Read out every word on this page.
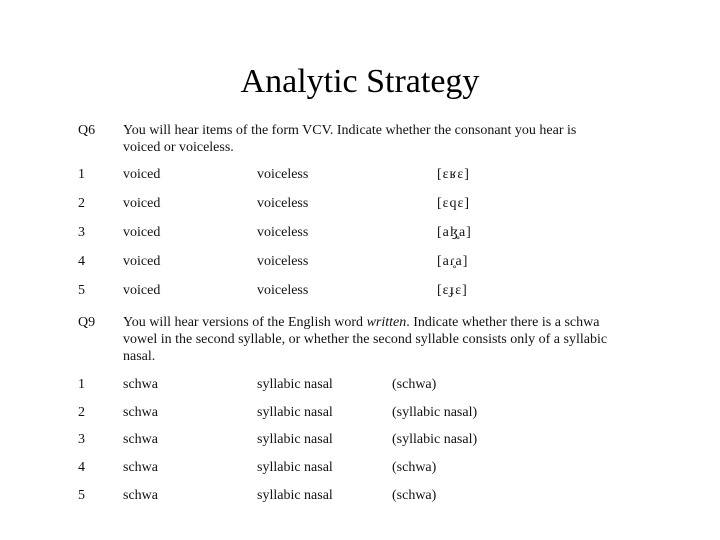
Analytic Strategy
Q6 You will hear items of the form VCV. Indicate whether the consonant you hear is voiced or voiceless.
1	voiced	voiceless	[ɛʁɛ]
2	voiced	voiceless	[ɛqɛ]
3	voiced	voiceless	[aɮ̥a]
4	voiced	voiceless	[aɾ̥a]
5	voiced	voiceless	[ɛɟɛ]
Q9 You will hear versions of the English word written. Indicate whether there is a schwa vowel in the second syllable, or whether the second syllable consists only of a syllabic nasal.
1	schwa	syllabic nasal	(schwa)
2	schwa	syllabic nasal	(syllabic nasal)
3	schwa	syllabic nasal	(syllabic nasal)
4	schwa	syllabic nasal	(schwa)
5	schwa	syllabic nasal	(schwa)
